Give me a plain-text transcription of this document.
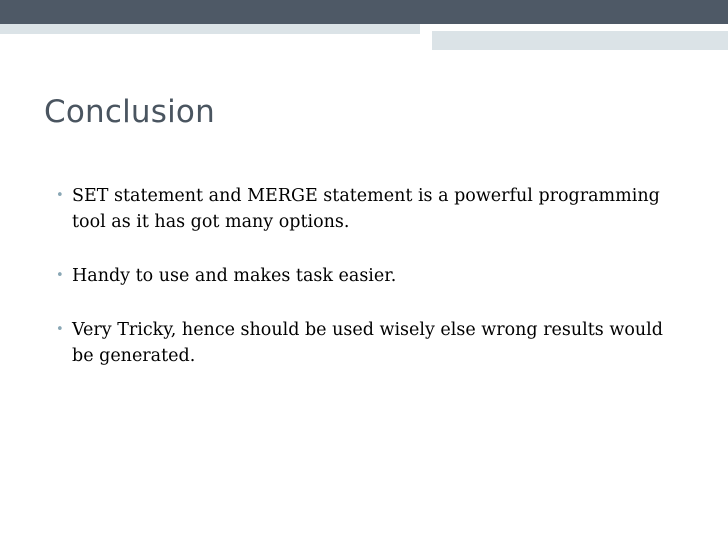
Conclusion
• SET statement and MERGE statement is a powerful programming tool as it has got many options.
• Handy to use and makes task easier.
• Very Tricky, hence should be used wisely else wrong results would be generated.
